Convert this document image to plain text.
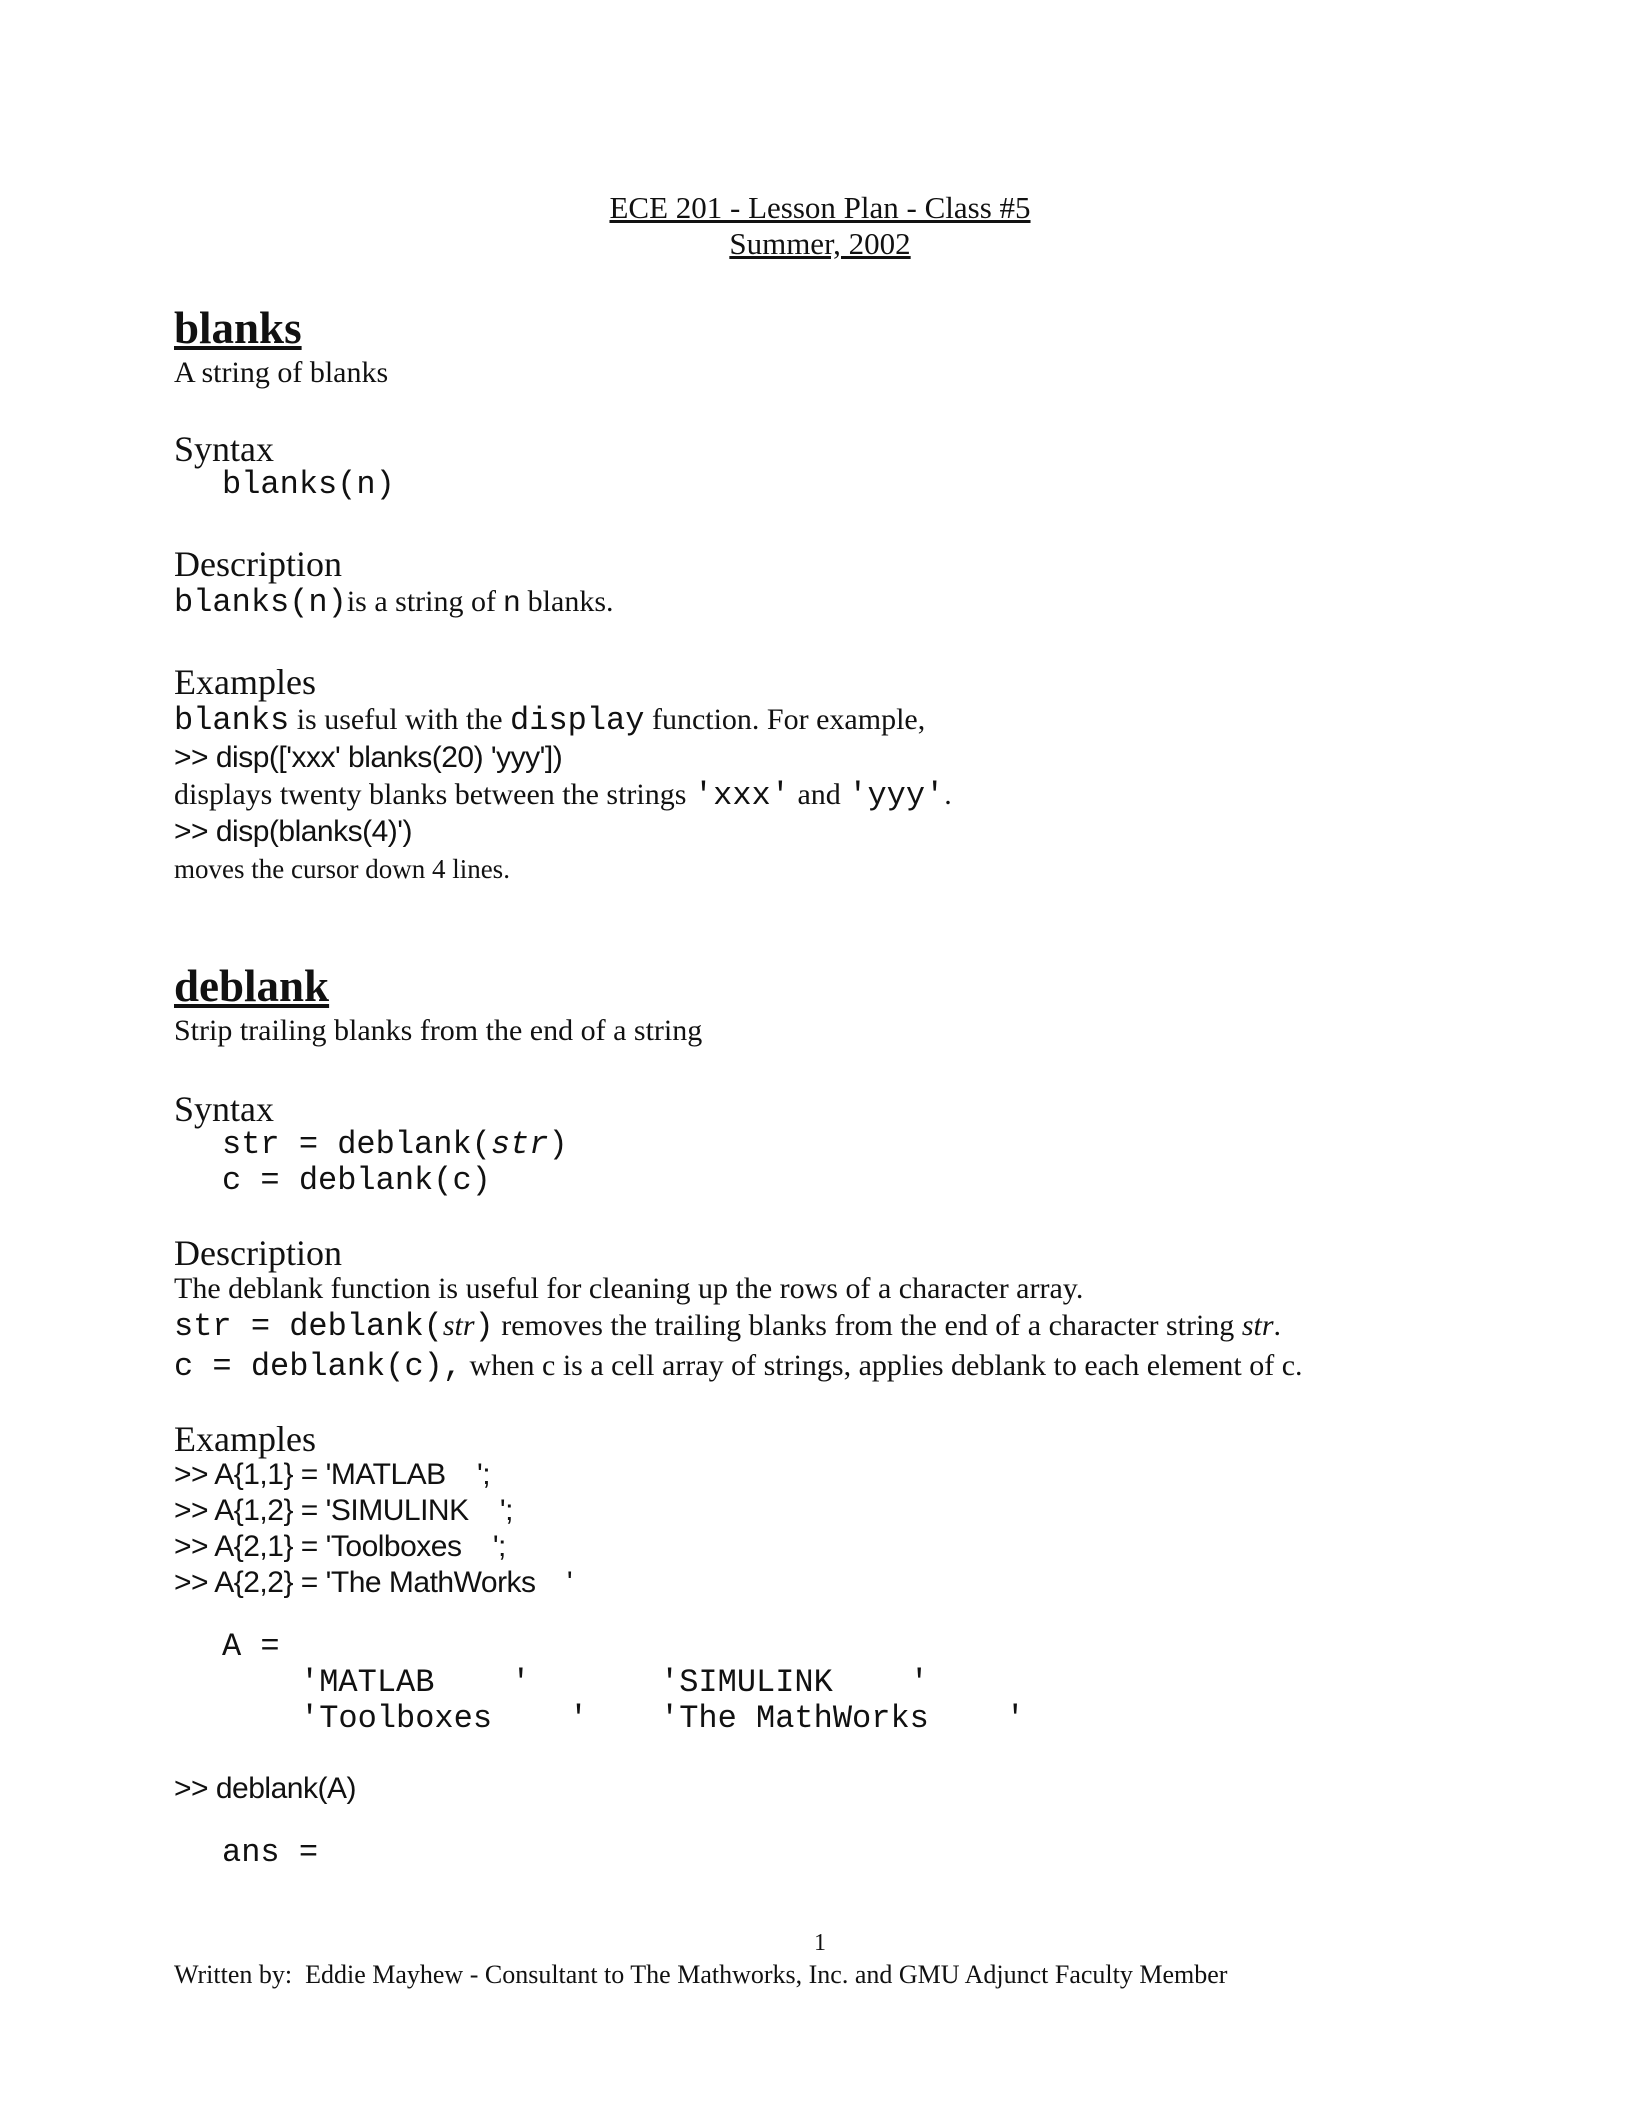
ECE 201 - Lesson Plan - Class #5
Summer, 2002
blanks
A string of blanks
Syntax
blanks(n)
Description
blanks(n)is a string of n blanks.
Examples
blanks is useful with the display function. For example,
>> disp(['xxx' blanks(20) 'yyy'])
displays twenty blanks between the strings 'xxx' and 'yyy'.
>> disp(blanks(4)')
moves the cursor down 4 lines.
deblank
Strip trailing blanks from the end of a string
Syntax
str = deblank(str)
c = deblank(c)
Description
The deblank function is useful for cleaning up the rows of a character array.
str = deblank(str) removes the trailing blanks from the end of a character string str.
c = deblank(c), when c is a cell array of strings, applies deblank to each element of c.
Examples
>> A{1,1} = 'MATLAB    ';
>> A{1,2} = 'SIMULINK    ';
>> A{2,1} = 'Toolboxes    ';
>> A{2,2} = 'The MathWorks    '
A =
'MATLAB    '	'SIMULINK    '
'Toolboxes    ' 'The MathWorks    '
>> deblank(A)
ans =
1
Written by:  Eddie Mayhew - Consultant to The Mathworks, Inc. and GMU Adjunct Faculty Member
